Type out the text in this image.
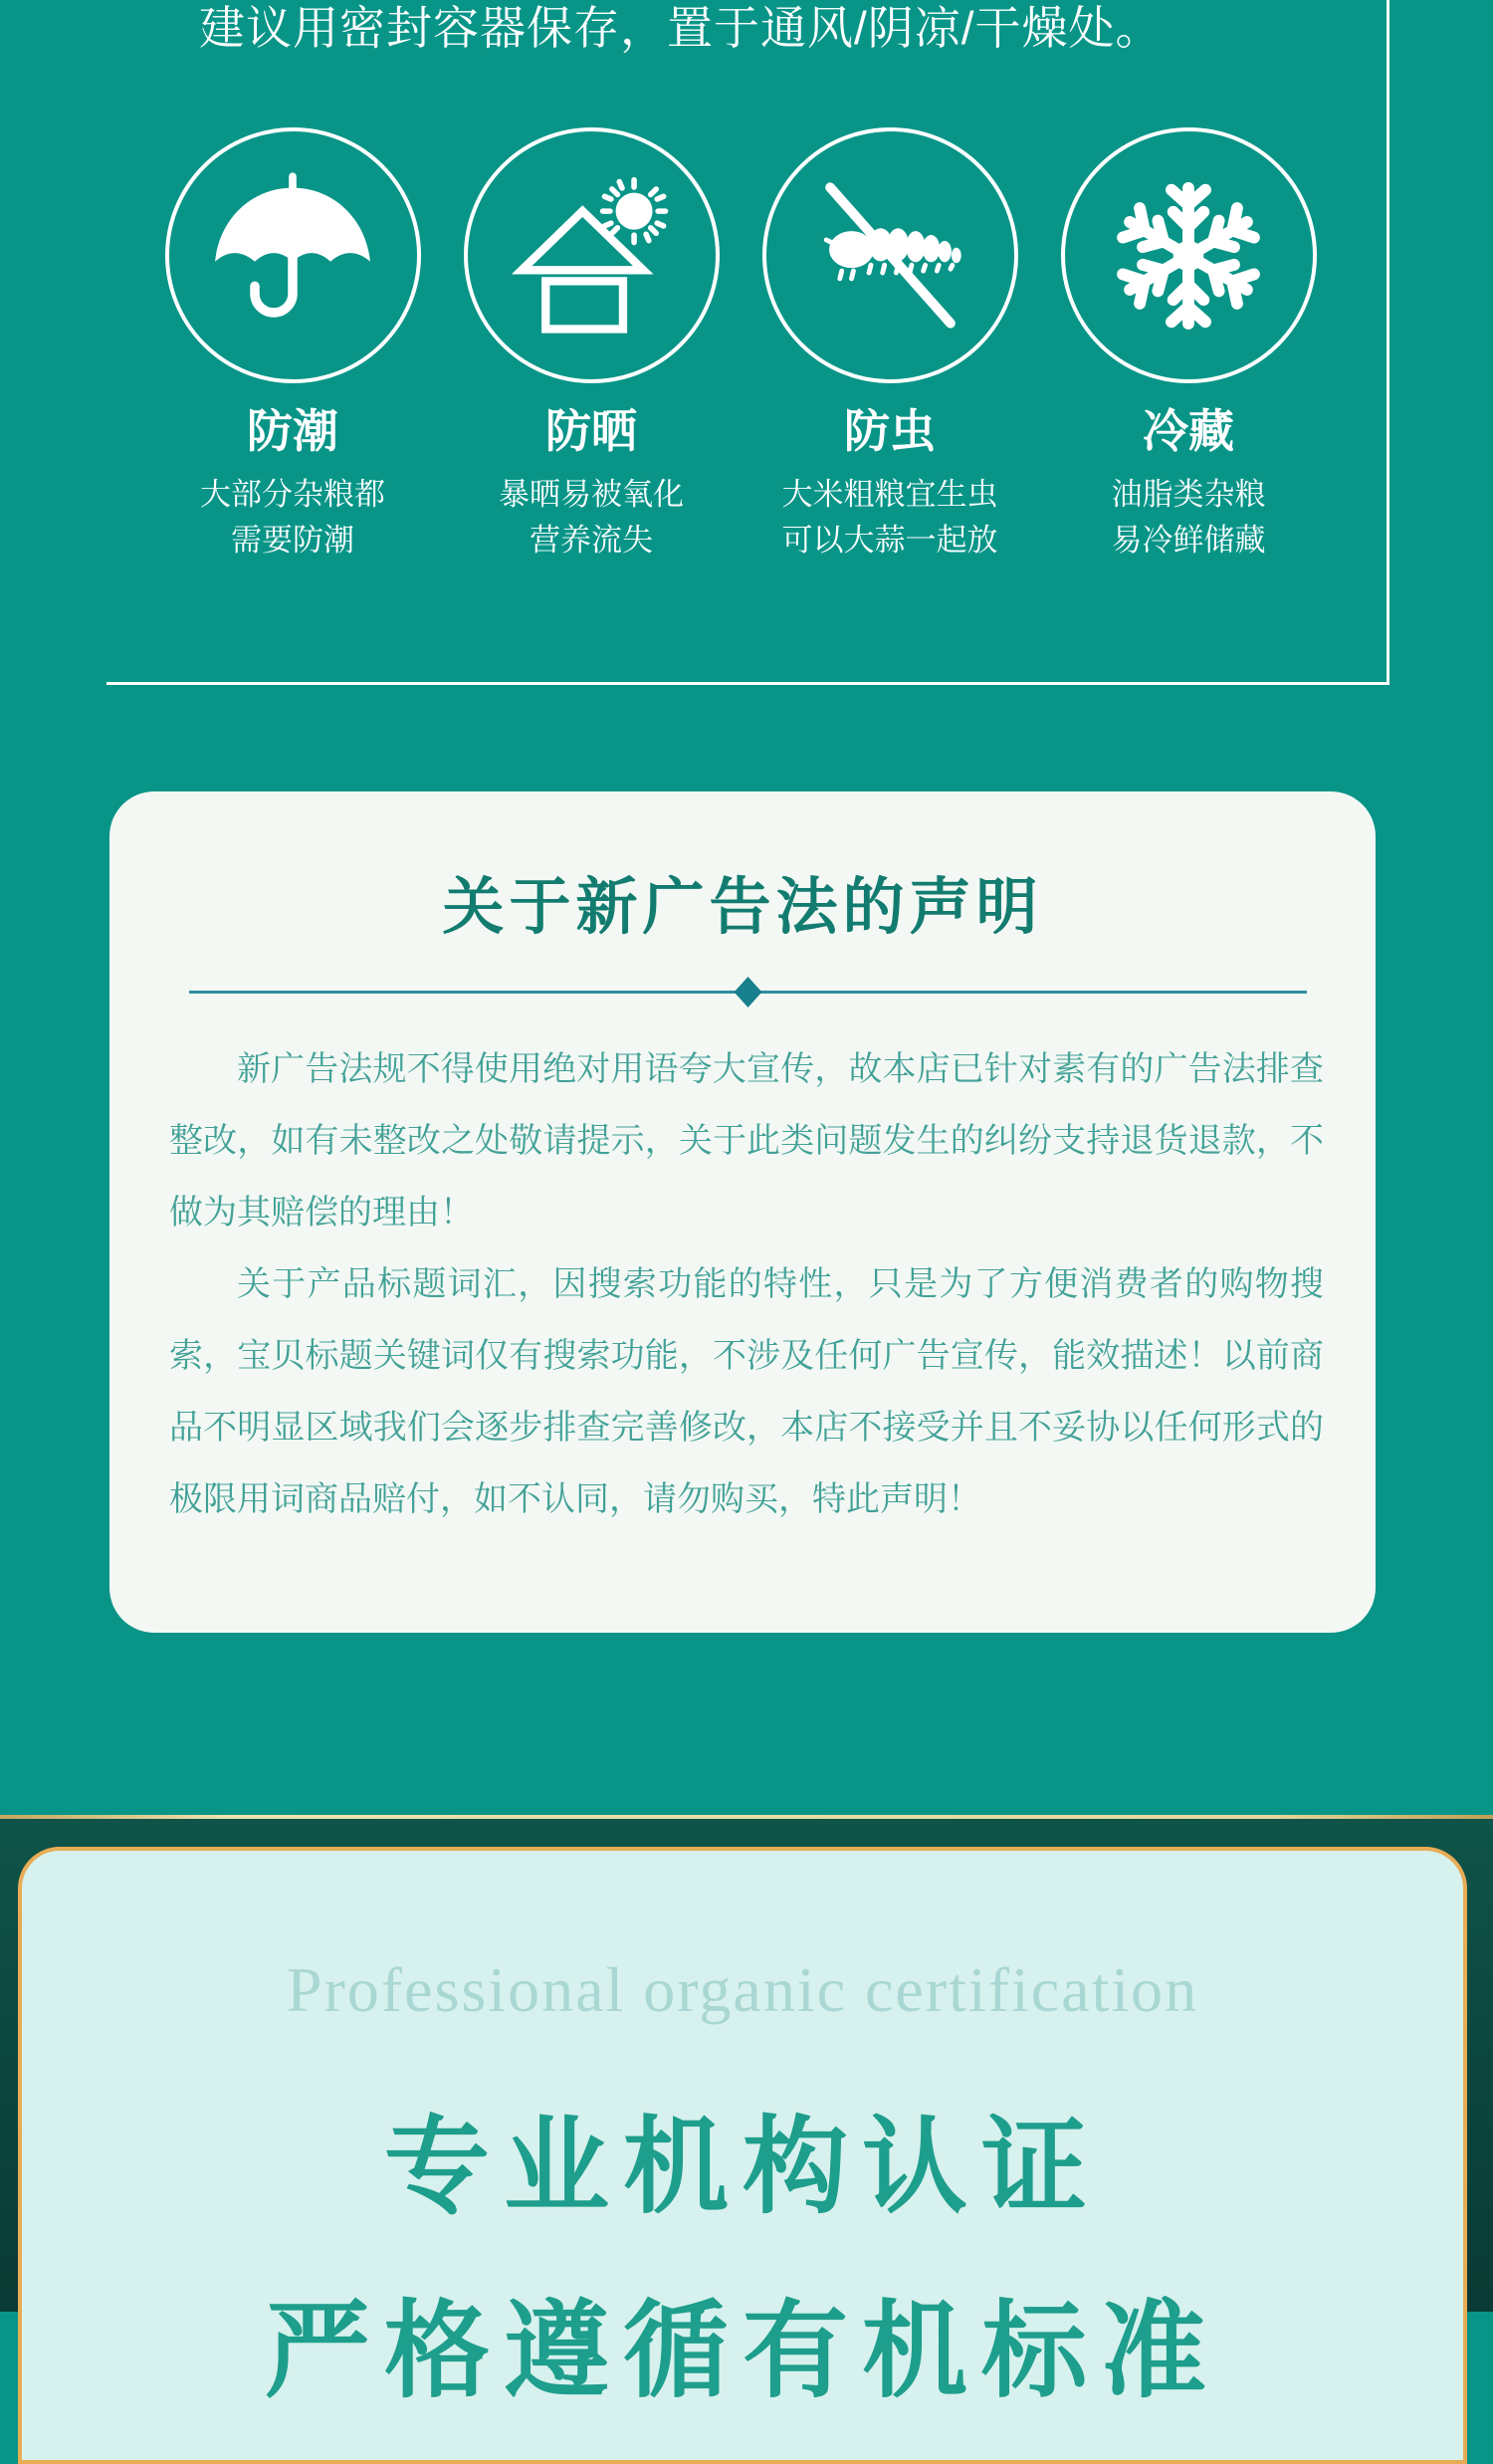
建议用密封容器保存，置于通风/阴凉/干燥处。
防潮
大部分杂粮都
需要防潮
防晒
暴晒易被氧化
营养流失
防虫
大米粗粮宜生虫
可以大蒜一起放
冷藏
油脂类杂粮
易冷鲜储藏
关于新广告法的声明

新广告法规不得使用绝对用语夸大宣传，故本店已针对素有的广告法排查整改，如有未整改之处敬请提示，关于此类问题发生的纠纷支持退货退款，不做为其赔偿的理由！

关于产品标题词汇，因搜索功能的特性，只是为了方便消费者的购物搜索，宝贝标题关键词仅有搜索功能，不涉及任何广告宣传，能效描述！以前商品不明显区域我们会逐步排查完善修改，本店不接受并且不妥协以任何形式的极限用词商品赔付，如不认同，请勿购买，特此声明！

Professional organic certification
专业机构认证
严格遵循有机标准
